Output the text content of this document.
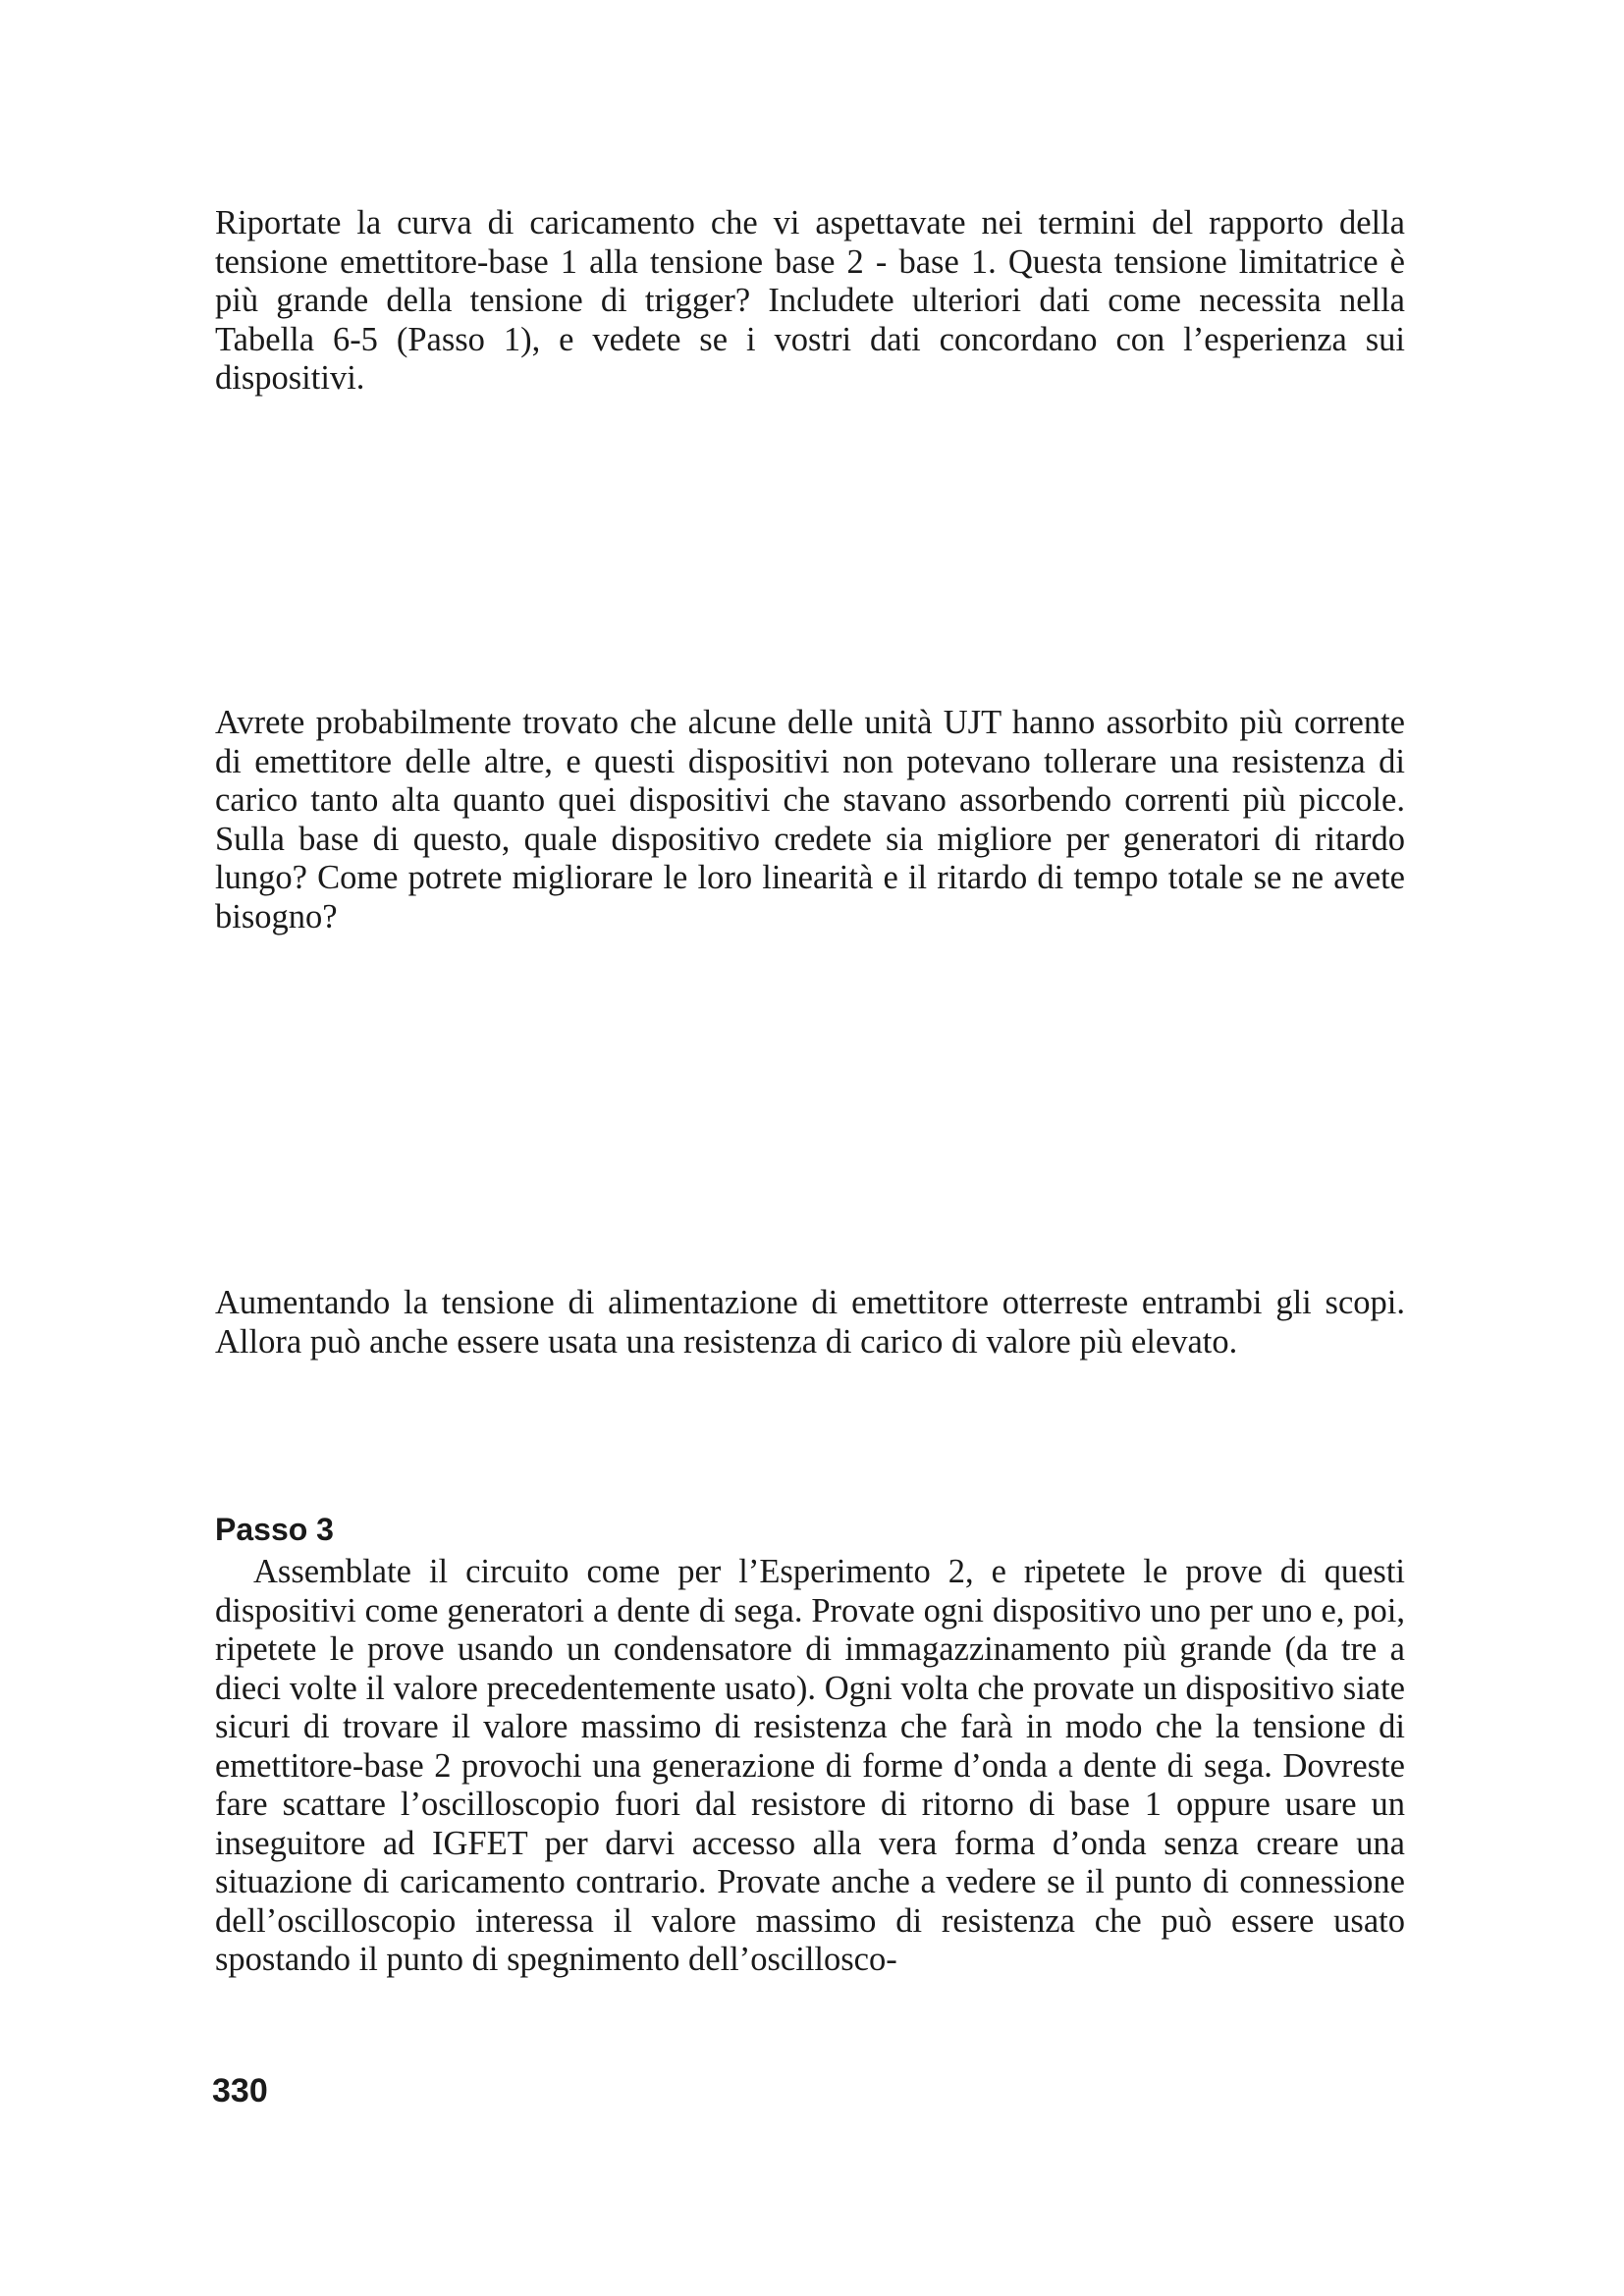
Riportate la curva di caricamento che vi aspettavate nei termini del rapporto della tensione emettitore-base 1 alla tensione base 2 - base 1. Questa tensione limitatrice è più grande della tensione di trigger? Includete ulteriori dati come necessita nella Tabella 6-5 (Passo 1), e vedete se i vostri dati concordano con l’esperienza sui dispositivi.

Avrete probabilmente trovato che alcune delle unità UJT hanno assorbito più corrente di emettitore delle altre, e questi dispositivi non potevano tollerare una resistenza di carico tanto alta quanto quei dispositivi che stavano assorbendo correnti più piccole. Sulla base di questo, quale dispositivo credete sia migliore per generatori di ritardo lungo? Come potrete migliorare le loro linearità e il ritardo di tempo totale se ne avete bisogno?

Aumentando la tensione di alimentazione di emettitore otterreste entrambi gli scopi. Allora può anche essere usata una resistenza di carico di valore più elevato.

Passo 3

Assemblate il circuito come per l’Esperimento 2, e ripetete le prove di questi dispositivi come generatori a dente di sega. Provate ogni dispositivo uno per uno e, poi, ripetete le prove usando un condensatore di immagazzinamento più grande (da tre a dieci volte il valore precedentemente usato). Ogni volta che provate un dispositivo siate sicuri di trovare il valore massimo di resistenza che farà in modo che la tensione di emettitore-base 2 provochi una generazione di forme d’onda a dente di sega. Dovreste fare scattare l’oscilloscopio fuori dal resistore di ritorno di base 1 oppure usare un inseguitore ad IGFET per darvi accesso alla vera forma d’onda senza creare una situazione di caricamento contrario. Provate anche a vedere se il punto di connessione dell’oscilloscopio interessa il valore massimo di resistenza che può essere usato spostando il punto di spegnimento dell’oscillosco-

330
